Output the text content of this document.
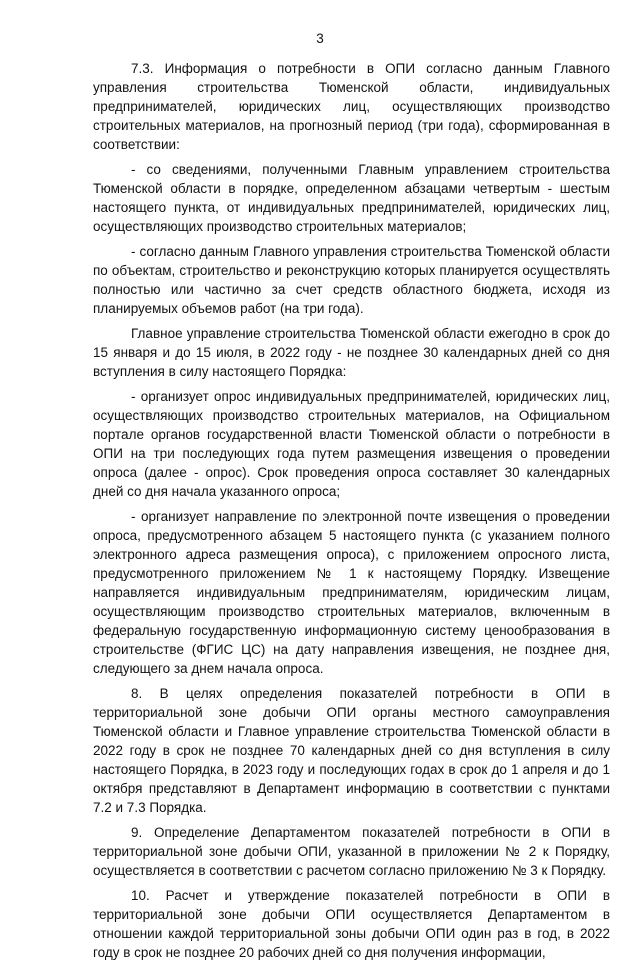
3

7.3. Информация о потребности в ОПИ согласно данным Главного управления строительства Тюменской области, индивидуальных предпринимателей, юридических лиц, осуществляющих производство строительных материалов, на прогнозный период (три года), сформированная в соответствии:

- со сведениями, полученными Главным управлением строительства Тюменской области в порядке, определенном абзацами четвертым - шестым настоящего пункта, от индивидуальных предпринимателей, юридических лиц, осуществляющих производство строительных материалов;

- согласно данным Главного управления строительства Тюменской области по объектам, строительство и реконструкцию которых планируется осуществлять полностью или частично за счет средств областного бюджета, исходя из планируемых объемов работ (на три года).

Главное управление строительства Тюменской области ежегодно в срок до 15 января и до 15 июля, в 2022 году - не позднее 30 календарных дней со дня вступления в силу настоящего Порядка:

- организует опрос индивидуальных предпринимателей, юридических лиц, осуществляющих производство строительных материалов, на Официальном портале органов государственной власти Тюменской области о потребности в ОПИ на три последующих года путем размещения извещения о проведении опроса (далее - опрос). Срок проведения опроса составляет 30 календарных дней со дня начала указанного опроса;

- организует направление по электронной почте извещения о проведении опроса, предусмотренного абзацем 5 настоящего пункта (с указанием полного электронного адреса размещения опроса), с приложением опросного листа, предусмотренного приложением № 1 к настоящему Порядку. Извещение направляется индивидуальным предпринимателям, юридическим лицам, осуществляющим производство строительных материалов, включенным в федеральную государственную информационную систему ценообразования в строительстве (ФГИС ЦС) на дату направления извещения, не позднее дня, следующего за днем начала опроса.

8. В целях определения показателей потребности в ОПИ в территориальной зоне добычи ОПИ органы местного самоуправления Тюменской области и Главное управление строительства Тюменской области в 2022 году в срок не позднее 70 календарных дней со дня вступления в силу настоящего Порядка, в 2023 году и последующих годах в срок до 1 апреля и до 1 октября представляют в Департамент информацию в соответствии с пунктами 7.2 и 7.3 Порядка.

9. Определение Департаментом показателей потребности в ОПИ в территориальной зоне добычи ОПИ, указанной в приложении № 2 к Порядку, осуществляется в соответствии с расчетом согласно приложению № 3 к Порядку.

10. Расчет и утверждение показателей потребности в ОПИ в территориальной зоне добычи ОПИ осуществляется Департаментом в отношении каждой территориальной зоны добычи ОПИ один раз в год, в 2022 году в срок не позднее 20 рабочих дней со дня получения информации,
